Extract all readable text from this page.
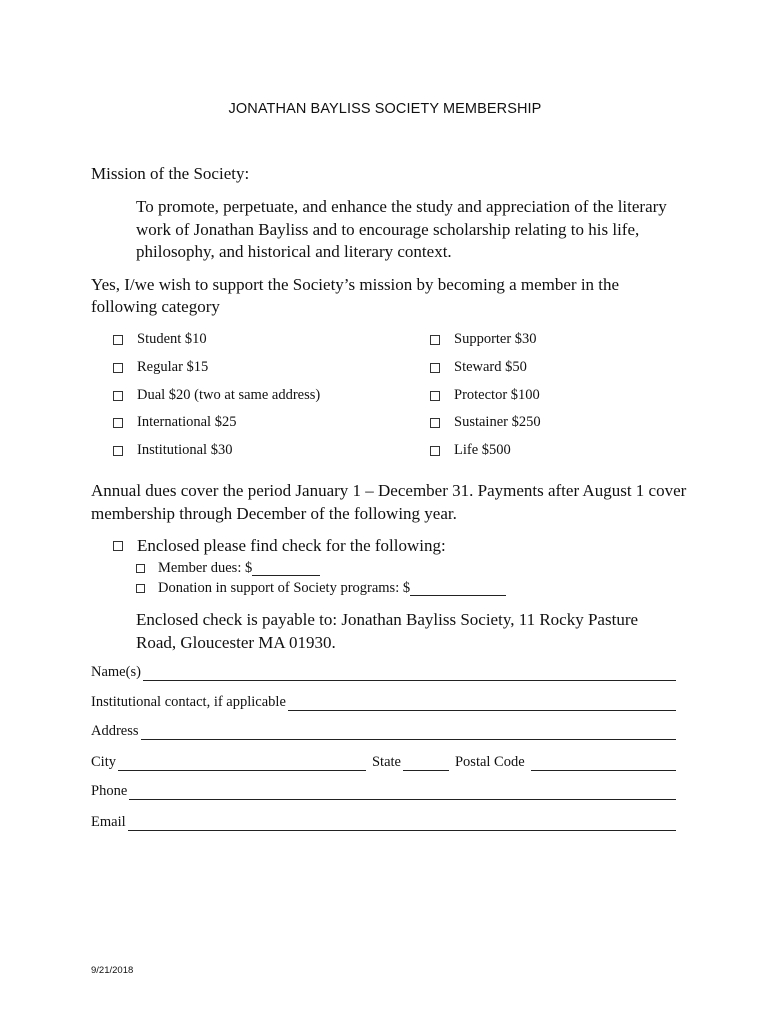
JONATHAN BAYLISS SOCIETY MEMBERSHIP
Mission of the Society:
To promote, perpetuate, and enhance the study and appreciation of the literary work of Jonathan Bayliss and to encourage scholarship relating to his life, philosophy, and historical and literary context.
Yes, I/we wish to support the Society’s mission by becoming a member in the following category
Student $10
Regular $15
Dual $20 (two at same address)
International $25
Institutional $30
Supporter $30
Steward $50
Protector $100
Sustainer $250
Life $500
Annual dues cover the period January 1 – December 31. Payments after August 1 cover membership through December of the following year.
Enclosed please find check for the following:
Member dues: $
Donation in support of Society programs: $
Enclosed check is payable to: Jonathan Bayliss Society, 11 Rocky Pasture Road, Gloucester MA 01930.
Name(s)
Institutional contact, if applicable
Address
City	State	Postal Code
Phone
Email
9/21/2018
